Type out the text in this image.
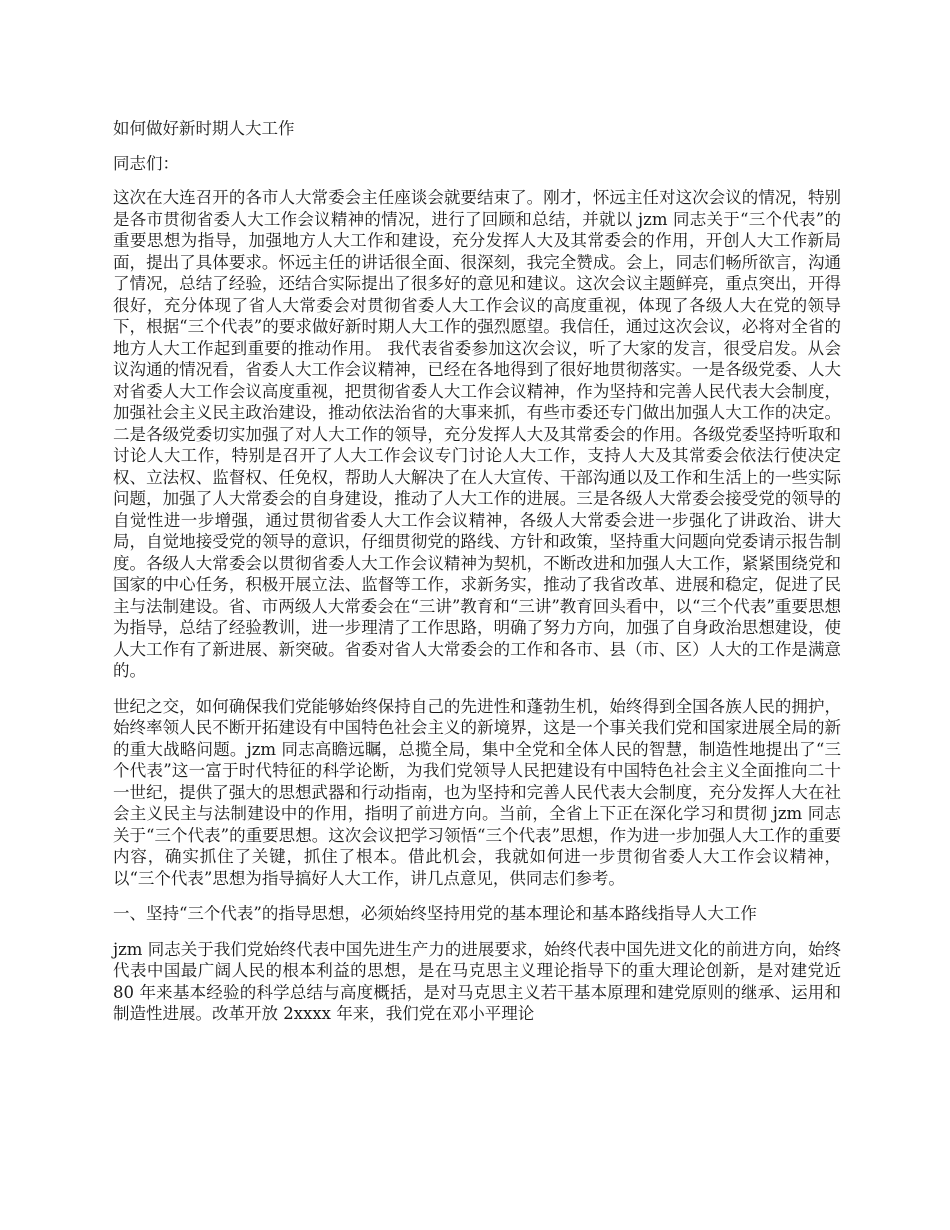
如何做好新时期人大工作

同志们：

这次在大连召开的各市人大常委会主任座谈会就要结束了。刚才，怀远主任对这次会议的情况，特别是各市贯彻省委人大工作会议精神的情况，进行了回顾和总结，并就以 jzm 同志关于“三个代表”的重要思想为指导，加强地方人大工作和建设，充分发挥人大及其常委会的作用，开创人大工作新局面，提出了具体要求。怀远主任的讲话很全面、很深刻，我完全赞成。会上，同志们畅所欲言，沟通了情况，总结了经验，还结合实际提出了很多好的意见和建议。这次会议主题鲜亮，重点突出，开得很好，充分体现了省人大常委会对贯彻省委人大工作会议的高度重视，体现了各级人大在党的领导下，根据“三个代表”的要求做好新时期人大工作的强烈愿望。我信任，通过这次会议，必将对全省的地方人大工作起到重要的推动作用。 我代表省委参加这次会议，听了大家的发言，很受启发。从会议沟通的情况看，省委人大工作会议精神，已经在各地得到了很好地贯彻落实。一是各级党委、人大对省委人大工作会议高度重视，把贯彻省委人大工作会议精神，作为坚持和完善人民代表大会制度，加强社会主义民主政治建设，推动依法治省的大事来抓，有些市委还专门做出加强人大工作的决定。二是各级党委切实加强了对人大工作的领导，充分发挥人大及其常委会的作用。各级党委坚持听取和讨论人大工作，特别是召开了人大工作会议专门讨论人大工作，支持人大及其常委会依法行使决定权、立法权、监督权、任免权，帮助人大解决了在人大宣传、干部沟通以及工作和生活上的一些实际问题，加强了人大常委会的自身建设，推动了人大工作的进展。三是各级人大常委会接受党的领导的自觉性进一步增强，通过贯彻省委人大工作会议精神，各级人大常委会进一步强化了讲政治、讲大局，自觉地接受党的领导的意识，仔细贯彻党的路线、方针和政策，坚持重大问题向党委请示报告制度。各级人大常委会以贯彻省委人大工作会议精神为契机，不断改进和加强人大工作，紧紧围绕党和国家的中心任务，积极开展立法、监督等工作，求新务实，推动了我省改革、进展和稳定，促进了民主与法制建设。省、市两级人大常委会在“三讲”教育和“三讲”教育回头看中，以“三个代表”重要思想为指导，总结了经验教训，进一步理清了工作思路，明确了努力方向，加强了自身政治思想建设，使人大工作有了新进展、新突破。省委对省人大常委会的工作和各市、县（市、区）人大的工作是满意的。

世纪之交，如何确保我们党能够始终保持自己的先进性和蓬勃生机，始终得到全国各族人民的拥护，始终率领人民不断开拓建设有中国特色社会主义的新境界，这是一个事关我们党和国家进展全局的新的重大战略问题。jzm 同志高瞻远瞩，总揽全局，集中全党和全体人民的智慧，制造性地提出了“三个代表”这一富于时代特征的科学论断，为我们党领导人民把建设有中国特色社会主义全面推向二十一世纪，提供了强大的思想武器和行动指南，也为坚持和完善人民代表大会制度，充分发挥人大在社会主义民主与法制建设中的作用，指明了前进方向。当前，全省上下正在深化学习和贯彻 jzm 同志关于“三个代表”的重要思想。这次会议把学习领悟“三个代表”思想，作为进一步加强人大工作的重要内容，确实抓住了关键，抓住了根本。借此机会，我就如何进一步贯彻省委人大工作会议精神，以“三个代表”思想为指导搞好人大工作，讲几点意见，供同志们参考。

一、坚持“三个代表”的指导思想，必须始终坚持用党的基本理论和基本路线指导人大工作

jzm 同志关于我们党始终代表中国先进生产力的进展要求，始终代表中国先进文化的前进方向，始终代表中国最广阔人民的根本利益的思想，是在马克思主义理论指导下的重大理论创新，是对建党近 80 年来基本经验的科学总结与高度概括，是对马克思主义若干基本原理和建党原则的继承、运用和制造性进展。改革开放 2xxxx 年来，我们党在邓小平理论
